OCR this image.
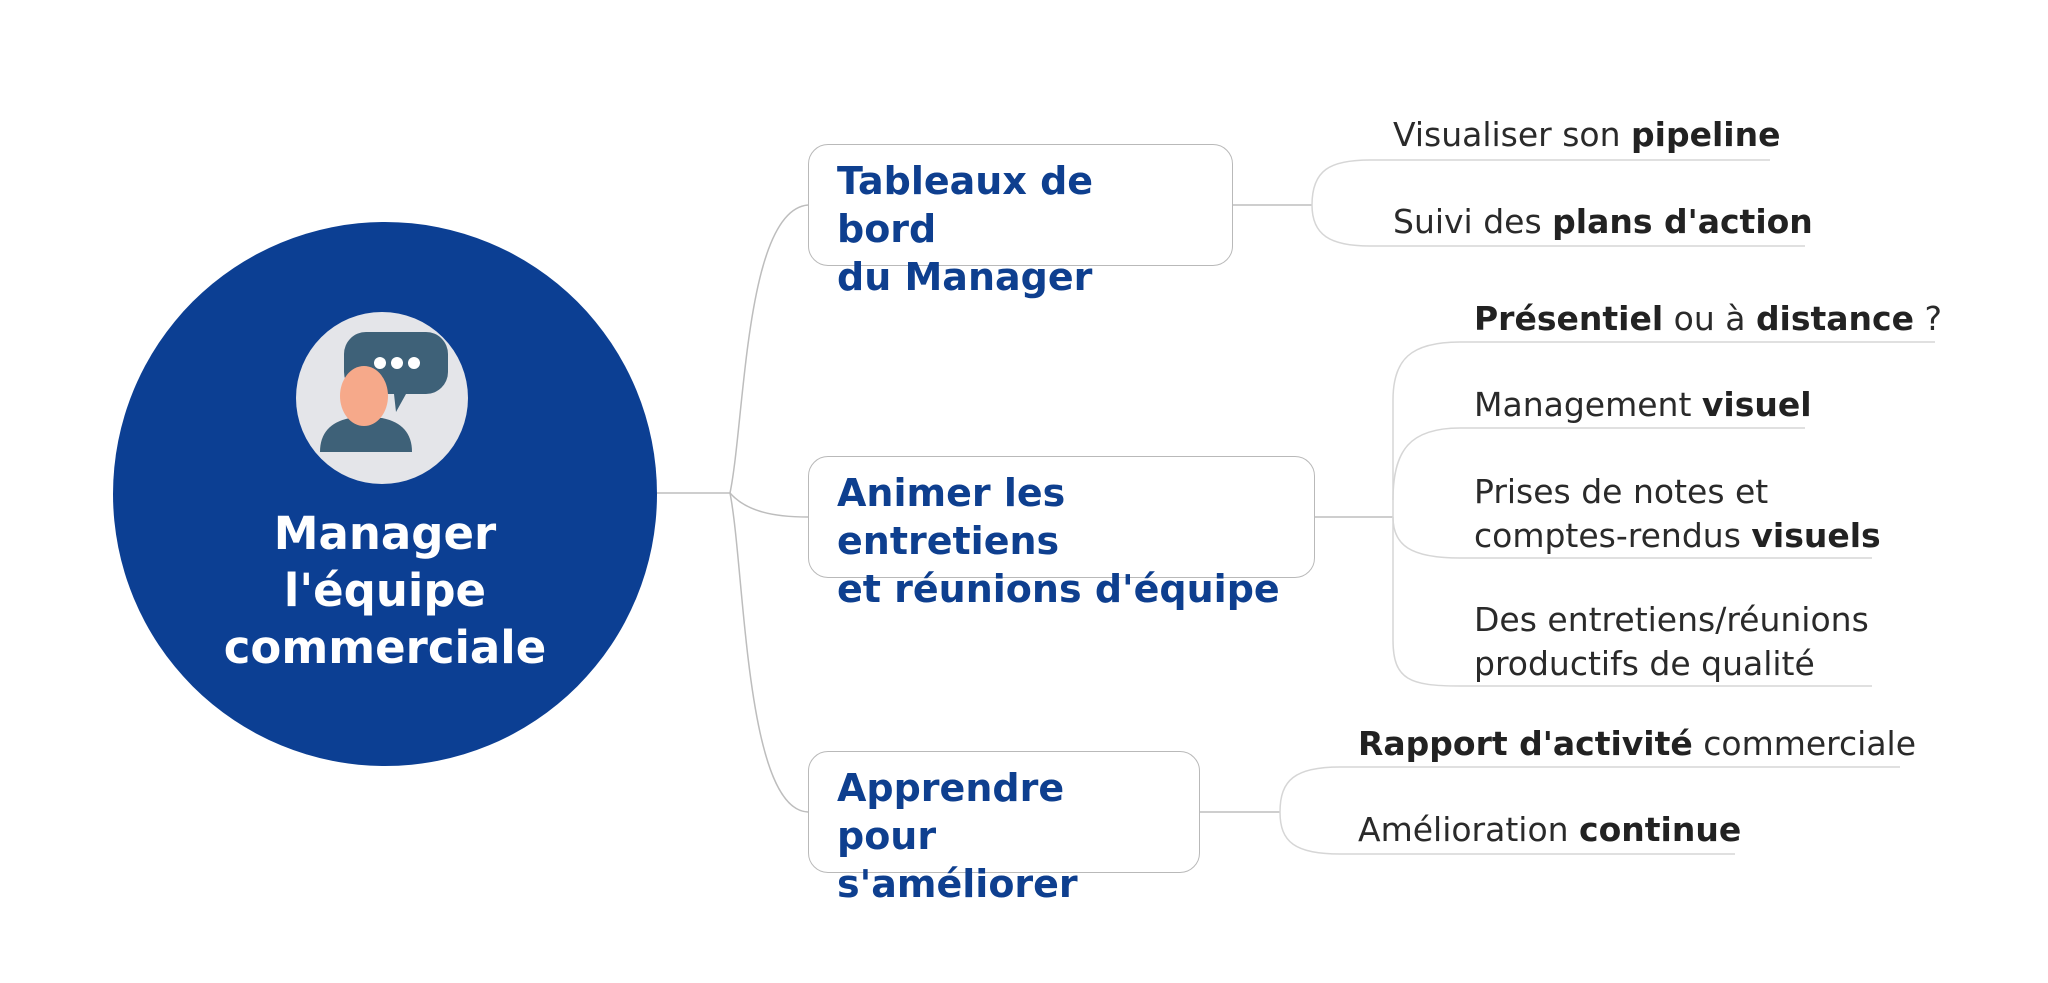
Manager
l'équipe
commerciale
Tableaux de bord
du Manager
Visualiser son pipeline
Suivi des plans d'action
Animer les entretiens
et réunions d'équipe
Présentiel ou à distance ?
Management visuel
Prises de notes et
comptes-rendus visuels
Des entretiens/réunions
productifs de qualité
Apprendre pour
s'améliorer
Rapport d'activité commerciale
Amélioration continue
